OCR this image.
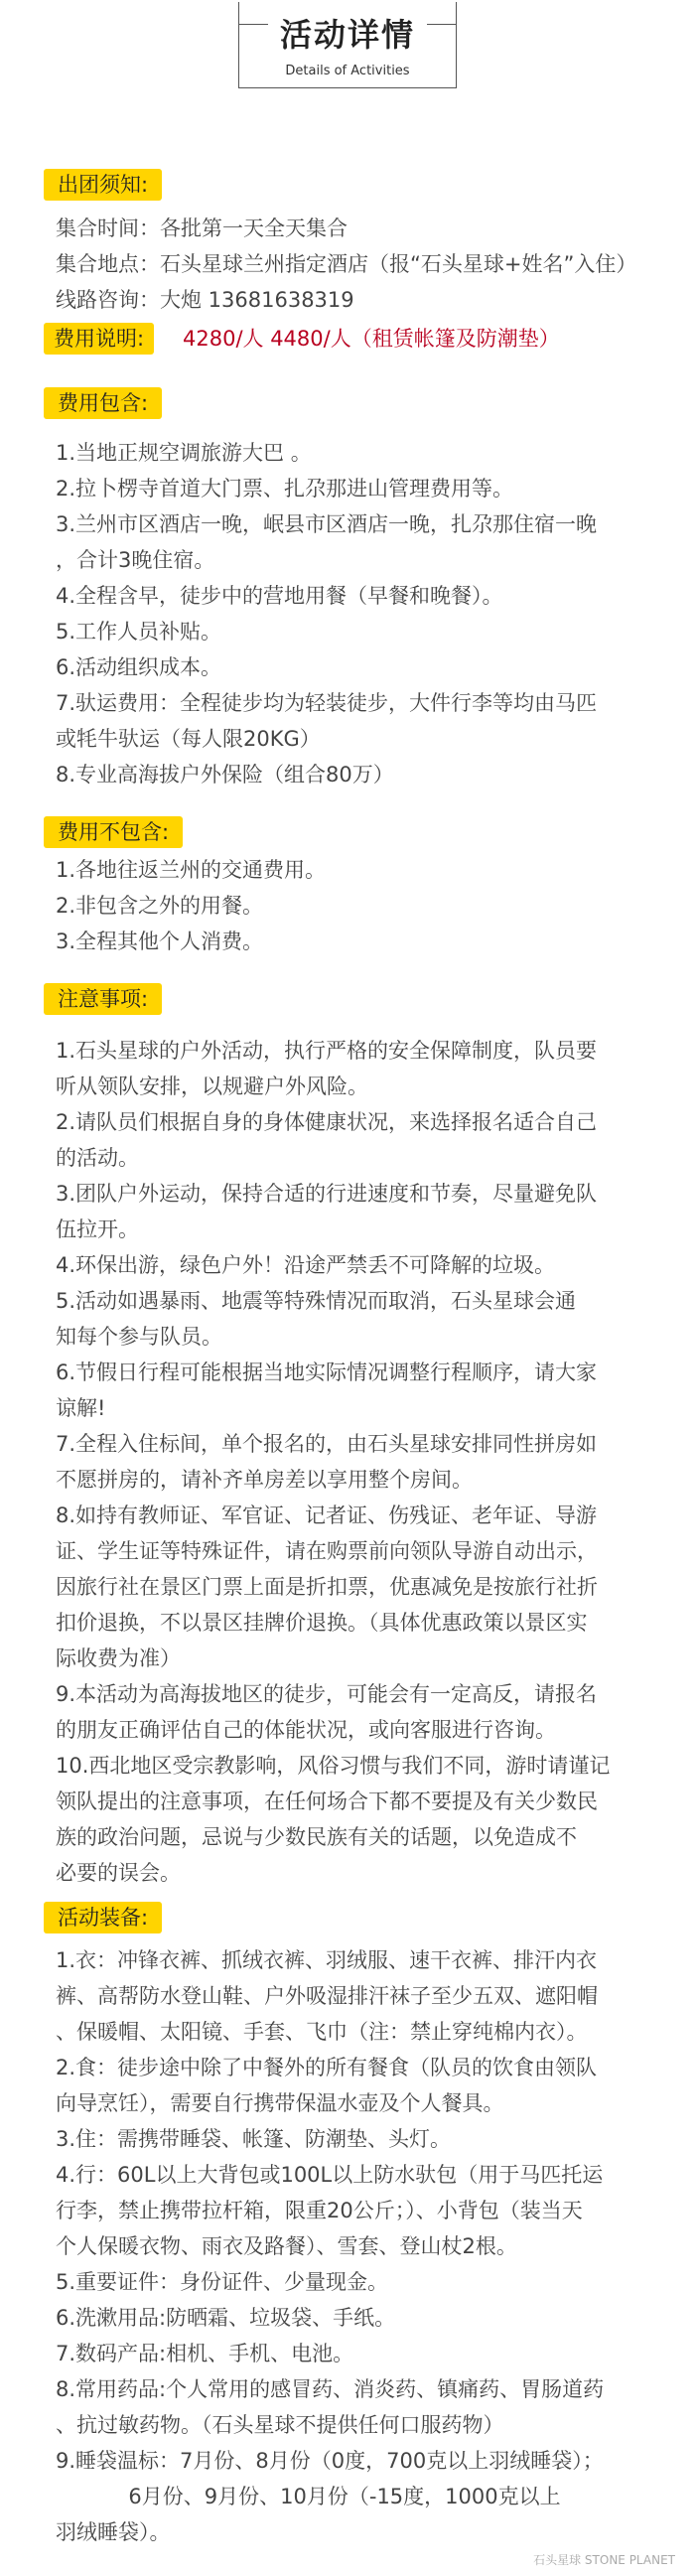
活动详情
Details of Activities
出团须知:
集合时间：各批第一天全天集合
集合地点：石头星球兰州指定酒店（报“石头星球+姓名”入住）
线路咨询：大炮 13681638319
费用说明:	4280/人 4480/人（租赁帐篷及防潮垫）
费用包含:
1.当地正规空调旅游大巴 。
2.拉卜楞寺首道大门票、扎尕那进山管理费用等。
3.兰州市区酒店一晚，岷县市区酒店一晚，扎尕那住宿一晚
，合计3晚住宿。
4.全程含早，徒步中的营地用餐（早餐和晚餐）。
5.工作人员补贴。
6.活动组织成本。
7.驮运费用：全程徒步均为轻装徒步，大件行李等均由马匹
或牦牛驮运（每人限20KG）
8.专业高海拔户外保险（组合80万）
费用不包含:
1.各地往返兰州的交通费用。
2.非包含之外的用餐。
3.全程其他个人消费。
注意事项:
1.石头星球的户外活动，执行严格的安全保障制度，队员要
听从领队安排，以规避户外风险。
2.请队员们根据自身的身体健康状况，来选择报名适合自己
的活动。
3.团队户外运动，保持合适的行进速度和节奏，尽量避免队
伍拉开。
4.环保出游，绿色户外！沿途严禁丢不可降解的垃圾。
5.活动如遇暴雨、地震等特殊情况而取消，石头星球会通
知每个参与队员。
6.节假日行程可能根据当地实际情况调整行程顺序，请大家
谅解!
7.全程入住标间，单个报名的，由石头星球安排同性拼房如
不愿拼房的，请补齐单房差以享用整个房间。
8.如持有教师证、军官证、记者证、伤残证、老年证、导游
证、学生证等特殊证件，请在购票前向领队导游自动出示，
因旅行社在景区门票上面是折扣票，优惠减免是按旅行社折
扣价退换，不以景区挂牌价退换。（具体优惠政策以景区实
际收费为准）
9.本活动为高海拔地区的徒步，可能会有一定高反，请报名
的朋友正确评估自己的体能状况，或向客服进行咨询。
10.西北地区受宗教影响，风俗习惯与我们不同，游时请谨记
领队提出的注意事项，在任何场合下都不要提及有关少数民
族的政治问题，忌说与少数民族有关的话题，以免造成不
必要的误会。
活动装备:
1.衣：冲锋衣裤、抓绒衣裤、羽绒服、速干衣裤、排汗内衣
裤、高帮防水登山鞋、户外吸湿排汗袜子至少五双、遮阳帽
、保暖帽、太阳镜、手套、飞巾（注：禁止穿纯棉内衣）。
2.食：徒步途中除了中餐外的所有餐食（队员的饮食由领队
向导烹饪），需要自行携带保温水壶及个人餐具。
3.住：需携带睡袋、帐篷、防潮垫、头灯。
4.行：60L以上大背包或100L以上防水驮包（用于马匹托运
行李，禁止携带拉杆箱，限重20公斤；）、小背包（装当天
个人保暖衣物、雨衣及路餐）、雪套、登山杖2根。
5.重要证件：身份证件、少量现金。
6.洗漱用品:防晒霜、垃圾袋、手纸。
7.数码产品:相机、手机、电池。
8.常用药品:个人常用的感冒药、消炎药、镇痛药、胃肠道药
、抗过敏药物。（石头星球不提供任何口服药物）
9.睡袋温标：7月份、8月份（0度，700克以上羽绒睡袋）；
6月份、9月份、10月份（-15度，1000克以上
羽绒睡袋）。
石头星球 STONE PLANET
